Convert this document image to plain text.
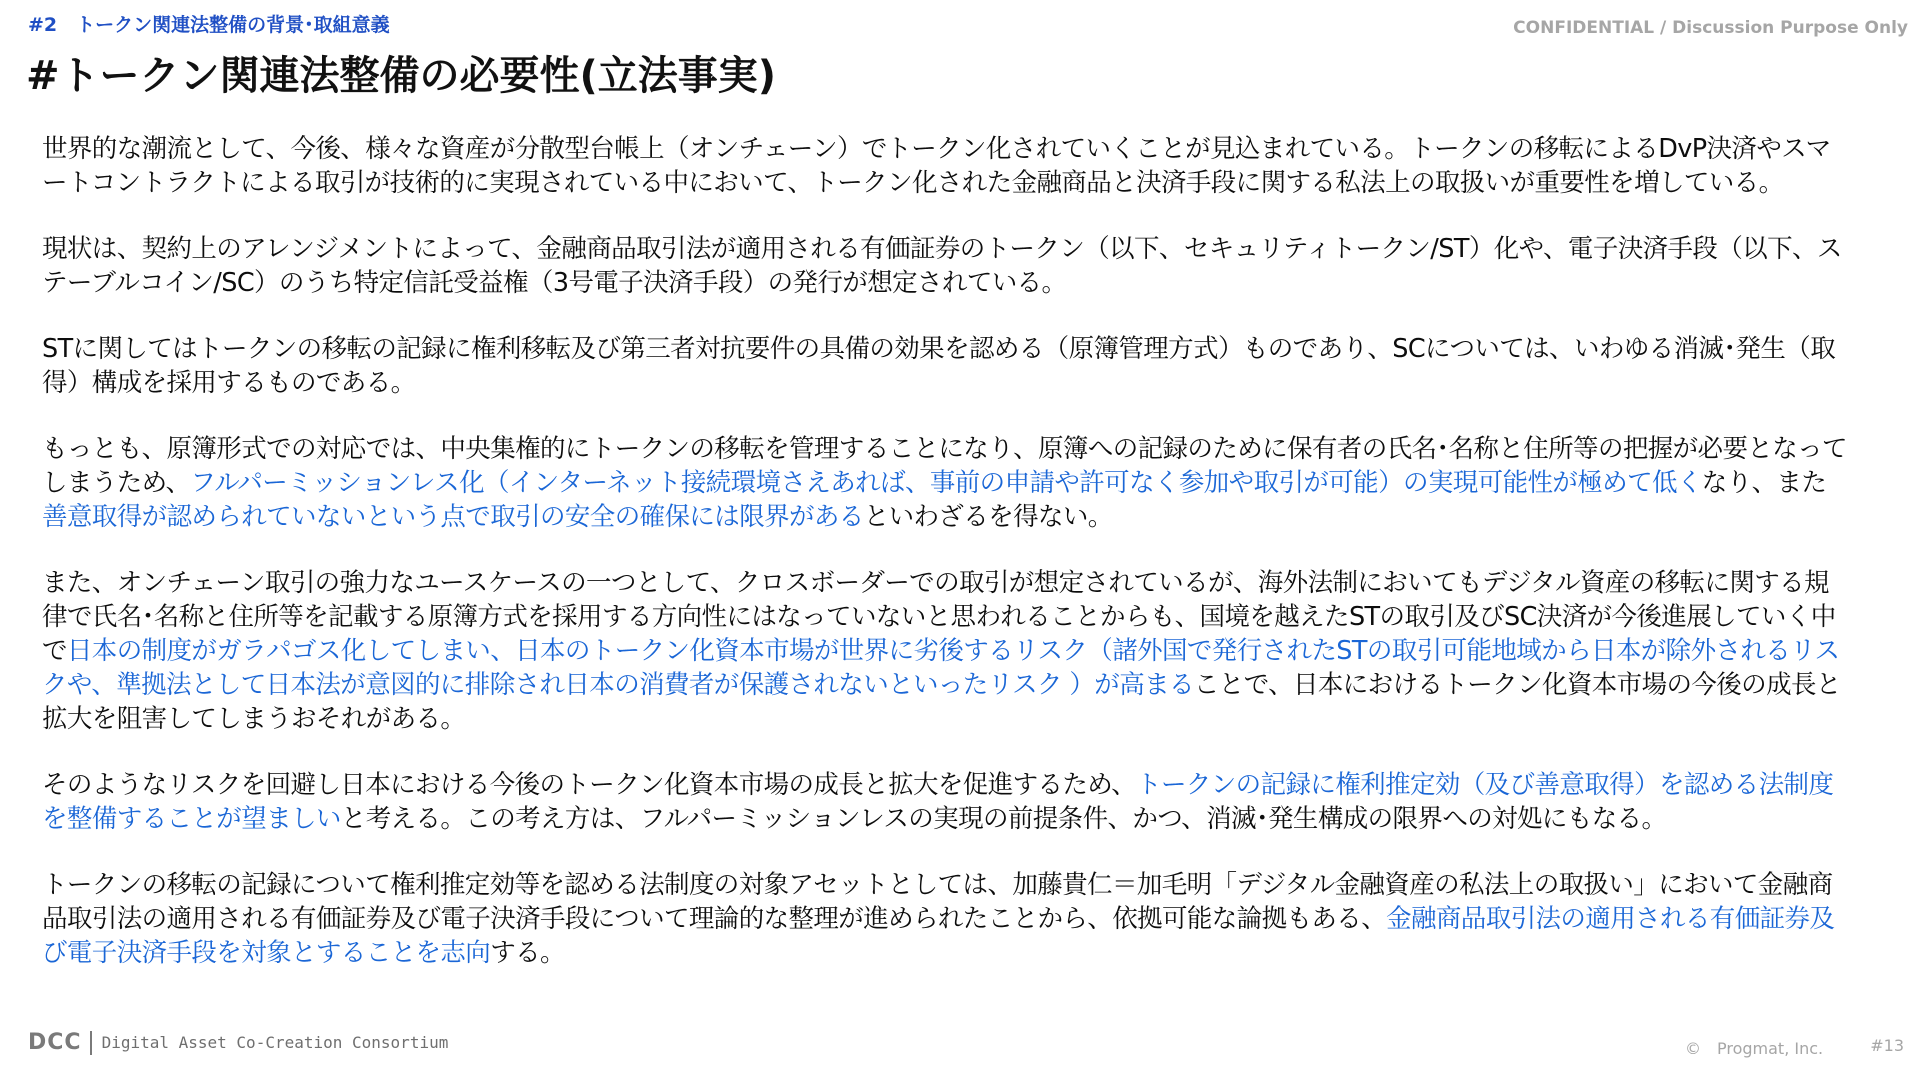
#2　トークン関連法整備の背景･取組意義	CONFIDENTIAL / Discussion Purpose Only
#トークン関連法整備の必要性(立法事実)

世界的な潮流として、今後、様々な資産が分散型台帳上（オンチェーン）でトークン化されていくことが見込まれている。トークンの移転によるDvP決済やスマートコントラクトによる取引が技術的に実現されている中において、トークン化された金融商品と決済手段に関する私法上の取扱いが重要性を増している。

現状は、契約上のアレンジメントによって、金融商品取引法が適用される有価証券のトークン（以下、セキュリティトークン/ST）化や、電子決済手段（以下、ステーブルコイン/SC）のうち特定信託受益権（3号電子決済手段）の発行が想定されている。

STに関してはトークンの移転の記録に権利移転及び第三者対抗要件の具備の効果を認める（原簿管理方式）ものであり、SCについては、いわゆる消滅･発生（取得）構成を採用するものである。

もっとも、原簿形式での対応では、中央集権的にトークンの移転を管理することになり、原簿への記録のために保有者の氏名･名称と住所等の把握が必要となってしまうため、フルパーミッションレス化（インターネット接続環境さえあれば、事前の申請や許可なく参加や取引が可能）の実現可能性が極めて低くなり、また善意取得が認められていないという点で取引の安全の確保には限界があるといわざるを得ない。

また、オンチェーン取引の強力なユースケースの一つとして、クロスボーダーでの取引が想定されているが、海外法制においてもデジタル資産の移転に関する規律で氏名･名称と住所等を記載する原簿方式を採用する方向性にはなっていないと思われることからも、国境を越えたSTの取引及びSC決済が今後進展していく中で日本の制度がガラパゴス化してしまい、日本のトークン化資本市場が世界に劣後するリスク（諸外国で発行されたSTの取引可能地域から日本が除外されるリスクや、準拠法として日本法が意図的に排除され日本の消費者が保護されないといったリスク ）が高まることで、日本におけるトークン化資本市場の今後の成長と拡大を阻害してしまうおそれがある。

そのようなリスクを回避し日本における今後のトークン化資本市場の成長と拡大を促進するため、トークンの記録に権利推定効（及び善意取得）を認める法制度を整備することが望ましいと考える。この考え方は、フルパーミッションレスの実現の前提条件、かつ、消滅･発生構成の限界への対処にもなる。

トークンの移転の記録について権利推定効等を認める法制度の対象アセットとしては、加藤貴仁＝加毛明「デジタル金融資産の私法上の取扱い」において金融商品取引法の適用される有価証券及び電子決済手段について理論的な整理が進められたことから、依拠可能な論拠もある、金融商品取引法の適用される有価証券及び電子決済手段を対象とすることを志向する。

DCC Digital Asset Co-Creation Consortium	©　Progmat, Inc.	#13
